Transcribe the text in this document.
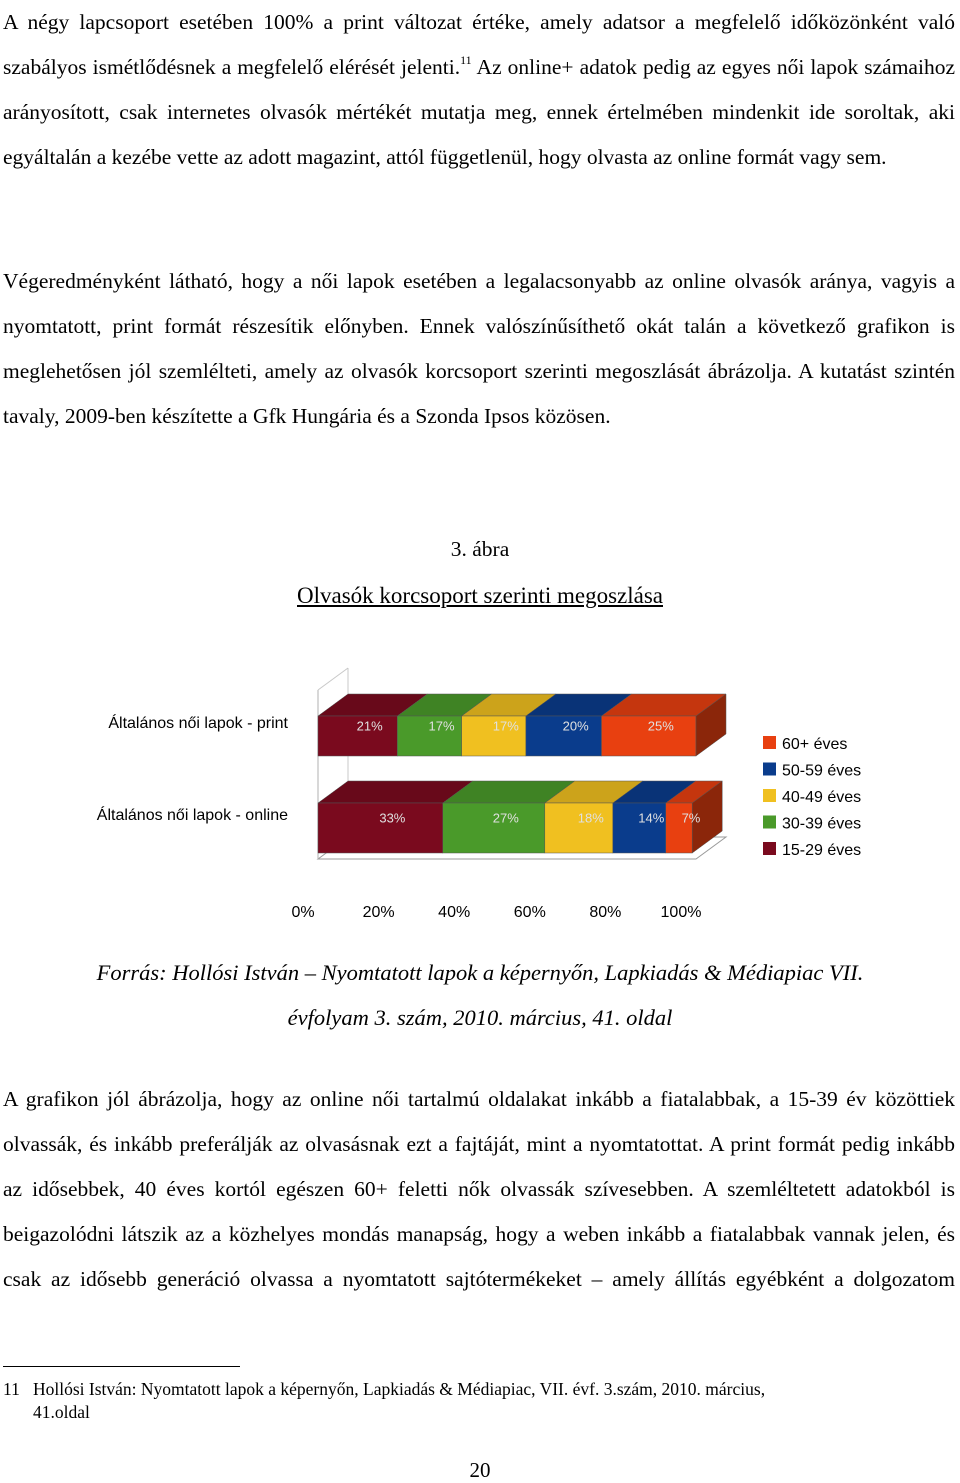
A négy lapcsoport esetében 100% a print változat értéke, amely adatsor a megfelelő időközönként való szabályos ismétlődésnek a megfelelő elérését jelenti.$^{11}$ Az online+ adatok pedig az egyes női lapok számaihoz arányosított, csak internetes olvasók mértékét mutatja meg, ennek értelmében mindenkit ide soroltak, aki egyáltalán a kezébe vette az adott magazint, attól függetlenül, hogy olvasta az online formát vagy sem.

Végeredményként látható, hogy a női lapok esetében a legalacsonyabb az online olvasók aránya, vagyis a nyomtatott, print formát részesítik előnyben. Ennek valószínűsíthető okát talán a következő grafikon is meglehetősen jól szemlélteti, amely az olvasók korcsoport szerinti megoszlását ábrázolja. A kutatást szintén tavaly, 2009-ben készítette a Gfk Hungária és a Szonda Ipsos közösen.

3. ábra
Olvasók korcsoport szerinti megoszlása
21%	17%	17%	20%	25%
Általános női lapok - print
33%	27%	18%	14% 7%
Általános női lapok - online
0%	20%	40%	60%	80% 100%
60+ éves
50-59 éves
40-49 éves
30-39 éves
15-29 éves
Forrás: Hollósi István – Nyomtatott lapok a képernyőn, Lapkiadás & Médiapiac VII.
évfolyam 3. szám, 2010. március, 41. oldal

A grafikon jól ábrázolja, hogy az online női tartalmú oldalakat inkább a fiatalabbak, a 15-39 év közöttiek olvassák, és inkább preferálják az olvasásnak ezt a fajtáját, mint a nyomtatottat. A print formát pedig inkább az idősebbek, 40 éves kortól egészen 60+ feletti nők olvassák szívesebben. A szemléltetett adatokból is beigazolódni látszik az a közhelyes mondás manapság, hogy a weben inkább a fiatalabbak vannak jelen, és csak az idősebb generáció olvassa a nyomtatott sajtótermékeket – amely állítás egyébként a dolgozatom

11 Hollósi István: Nyomtatott lapok a képernyőn, Lapkiadás & Médiapiac, VII. évf. 3.szám, 2010. március,
41.oldal
20
